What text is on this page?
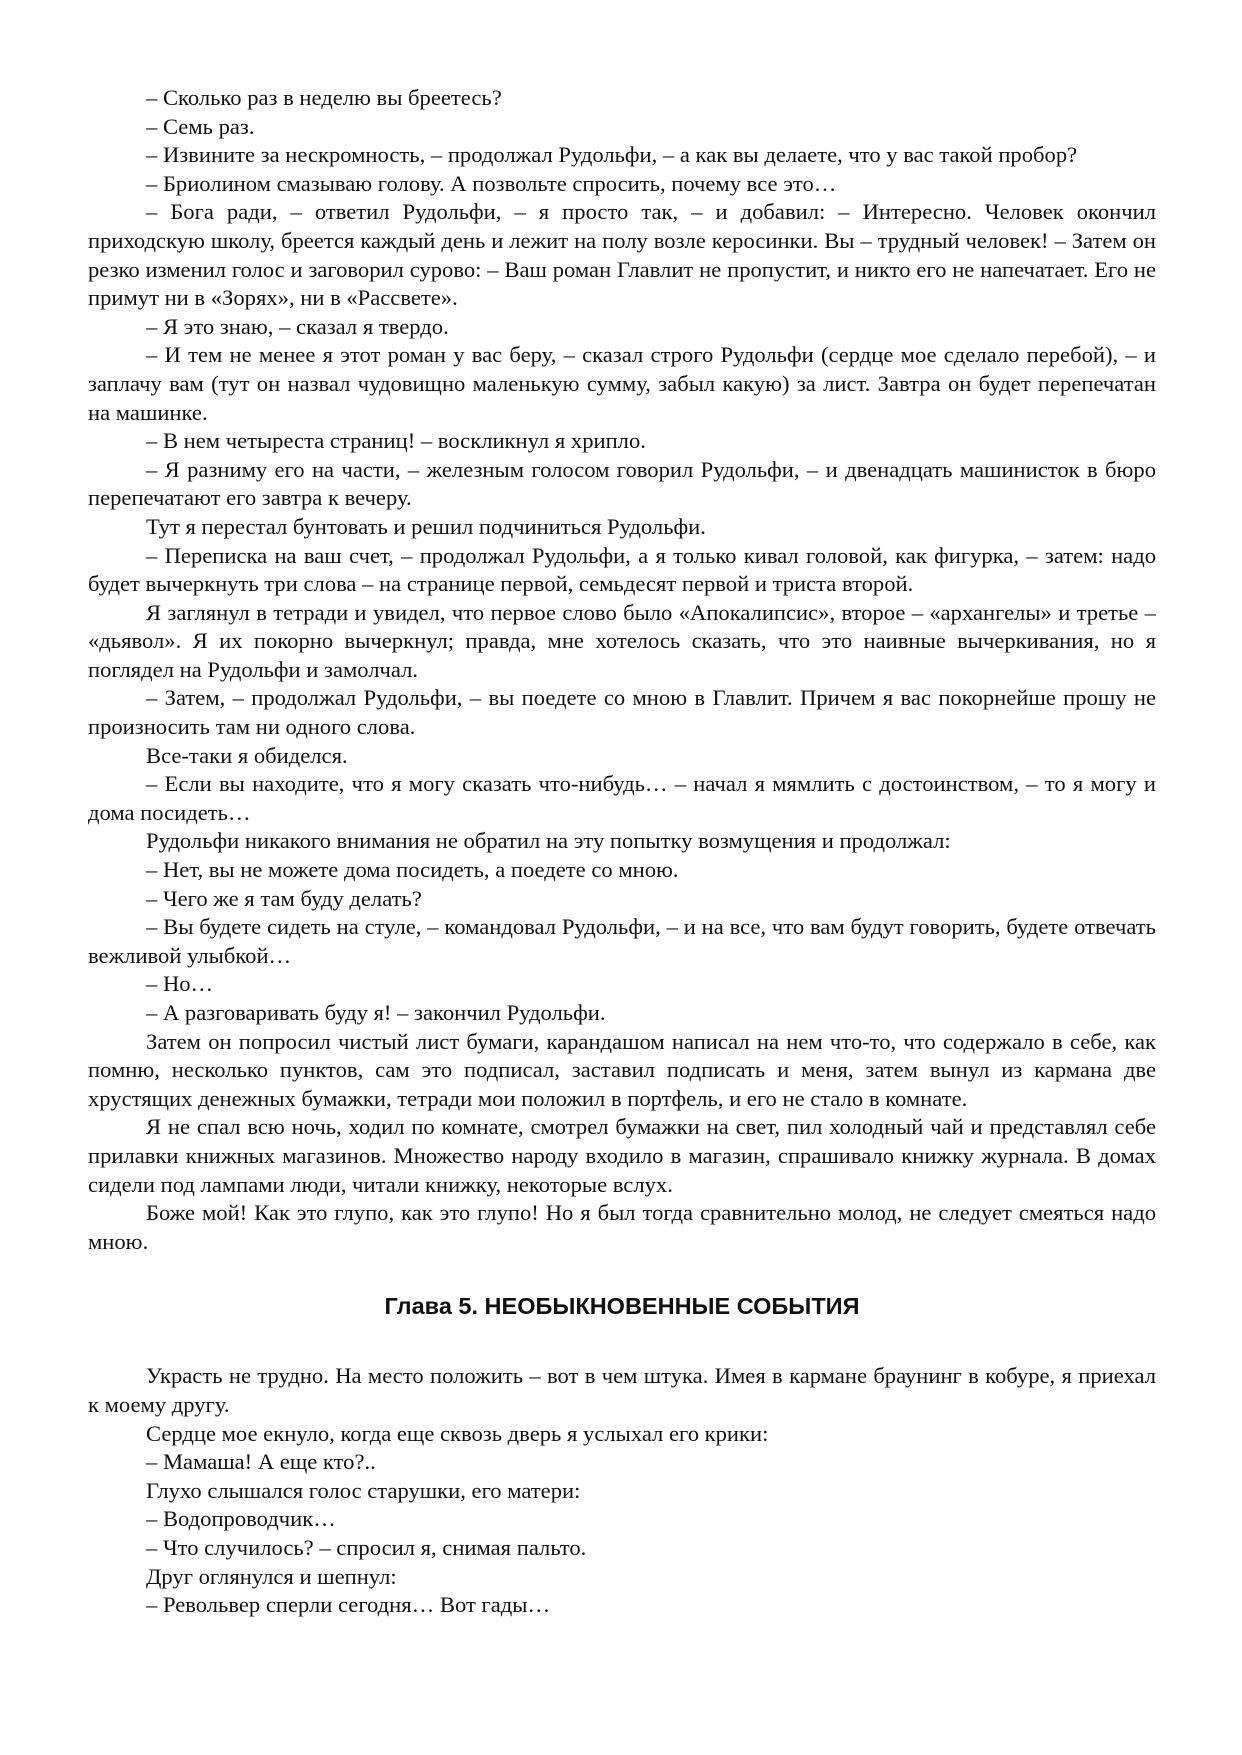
– Сколько раз в неделю вы бреетесь?

– Семь раз.

– Извините за нескромность, – продолжал Рудольфи, – а как вы делаете, что у вас такой пробор?

– Бриолином смазываю голову. А позвольте спросить, почему все это…

– Бога ради, – ответил Рудольфи, – я просто так, – и добавил: – Интересно. Человек окончил приходскую школу, бреется каждый день и лежит на полу возле керосинки. Вы – трудный человек! – Затем он резко изменил голос и заговорил сурово: – Ваш роман Главлит не пропустит, и никто его не напечатает. Его не примут ни в «Зорях», ни в «Рассвете».

– Я это знаю, – сказал я твердо.

– И тем не менее я этот роман у вас беру, – сказал строго Рудольфи (сердце мое сделало перебой), – и заплачу вам (тут он назвал чудовищно маленькую сумму, забыл какую) за лист. Завтра он будет перепечатан на машинке.

– В нем четыреста страниц! – воскликнул я хрипло.

– Я разниму его на части, – железным голосом говорил Рудольфи, – и двенадцать машинисток в бюро перепечатают его завтра к вечеру.

Тут я перестал бунтовать и решил подчиниться Рудольфи.

– Переписка на ваш счет, – продолжал Рудольфи, а я только кивал головой, как фигурка, – затем: надо будет вычеркнуть три слова – на странице первой, семьдесят первой и триста второй.

Я заглянул в тетради и увидел, что первое слово было «Апокалипсис», второе – «архангелы» и третье – «дьявол». Я их покорно вычеркнул; правда, мне хотелось сказать, что это наивные вычеркивания, но я поглядел на Рудольфи и замолчал.

– Затем, – продолжал Рудольфи, – вы поедете со мною в Главлит. Причем я вас покорнейше прошу не произносить там ни одного слова.

Все-таки я обиделся.

– Если вы находите, что я могу сказать что-нибудь… – начал я мямлить с достоинством, – то я могу и дома посидеть…

Рудольфи никакого внимания не обратил на эту попытку возмущения и продолжал:

– Нет, вы не можете дома посидеть, а поедете со мною.

– Чего же я там буду делать?

– Вы будете сидеть на стуле, – командовал Рудольфи, – и на все, что вам будут говорить, будете отвечать вежливой улыбкой…

– Но…

– А разговаривать буду я! – закончил Рудольфи.

Затем он попросил чистый лист бумаги, карандашом написал на нем что-то, что содержало в себе, как помню, несколько пунктов, сам это подписал, заставил подписать и меня, затем вынул из кармана две хрустящих денежных бумажки, тетради мои положил в портфель, и его не стало в комнате.

Я не спал всю ночь, ходил по комнате, смотрел бумажки на свет, пил холодный чай и представлял себе прилавки книжных магазинов. Множество народу входило в магазин, спрашивало книжку журнала. В домах сидели под лампами люди, читали книжку, некоторые вслух.

Боже мой! Как это глупо, как это глупо! Но я был тогда сравнительно молод, не следует смеяться надо мною.

Глава 5. НЕОБЫКНОВЕННЫЕ СОБЫТИЯ

Украсть не трудно. На место положить – вот в чем штука. Имея в кармане браунинг в кобуре, я приехал к моему другу.

Сердце мое екнуло, когда еще сквозь дверь я услыхал его крики:

– Мамаша! А еще кто?..

Глухо слышался голос старушки, его матери:

– Водопроводчик…

– Что случилось? – спросил я, снимая пальто.

Друг оглянулся и шепнул:

– Револьвер сперли сегодня… Вот гады…
